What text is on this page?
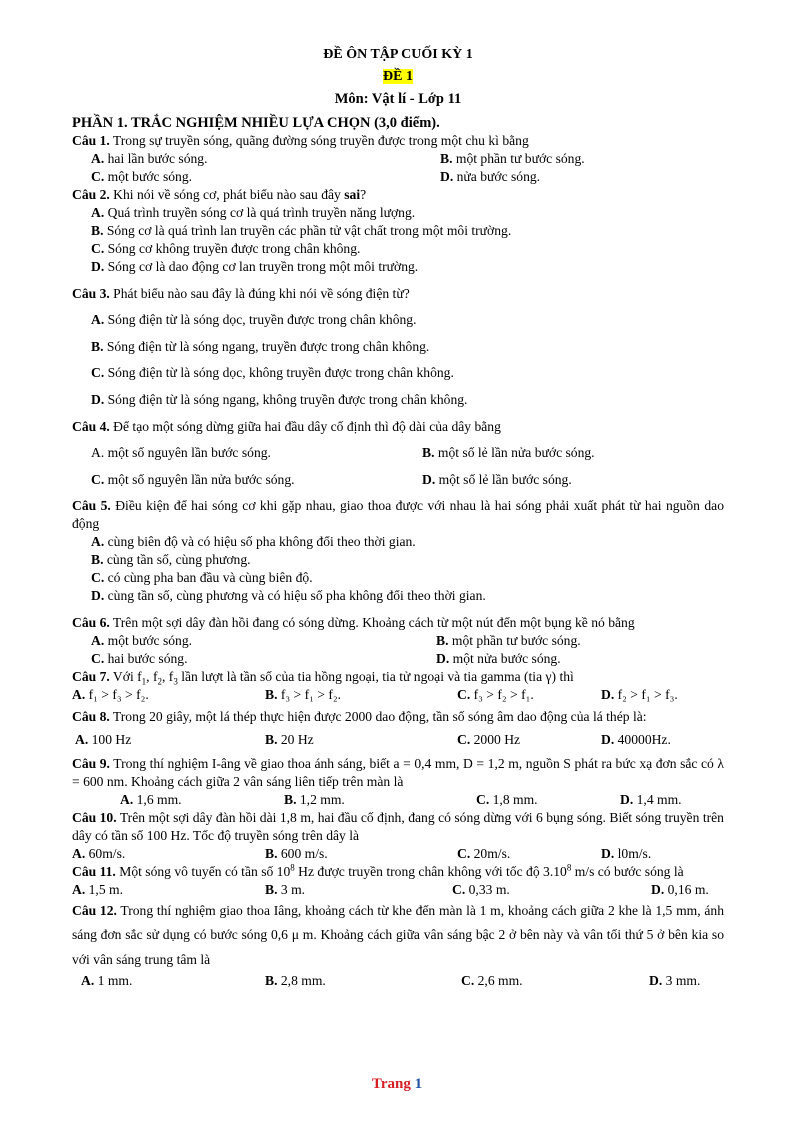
ĐỀ ÔN TẬP CUỐI KỲ 1
ĐỀ 1
Môn: Vật lí - Lớp 11
PHẦN 1. TRẮC NGHIỆM NHIỀU LỰA CHỌN (3,0 điểm).
Câu 1. Trong sự truyền sóng, quãng đường sóng truyền được trong một chu kì bằng
A. hai lần bước sóng.	B. một phần tư bước sóng.
C. một bước sóng.	D. nửa bước sóng.
Câu 2. Khi nói về sóng cơ, phát biểu nào sau đây sai?
A. Quá trình truyền sóng cơ là quá trình truyền năng lượng.
B. Sóng cơ là quá trình lan truyền các phần tử vật chất trong một môi trường.
C. Sóng cơ không truyền được trong chân không.
D. Sóng cơ là dao động cơ lan truyền trong một môi trường.
Câu 3. Phát biểu nào sau đây là đúng khi nói về sóng điện từ?
A. Sóng điện từ là sóng dọc, truyền được trong chân không.
B. Sóng điện từ là sóng ngang, truyền được trong chân không.
C. Sóng điện từ là sóng dọc, không truyền được trong chân không.
D. Sóng điện từ là sóng ngang, không truyền được trong chân không.
Câu 4. Để tạo một sóng dừng giữa hai đầu dây cố định thì độ dài của dây bằng
A. một số nguyên lần bước sóng.	B. một số lẻ lần nửa bước sóng.
C. một số nguyên lần nửa bước sóng.	D. một số lẻ lần bước sóng.
Câu 5. Điều kiện để hai sóng cơ khi gặp nhau, giao thoa được với nhau là hai sóng phải xuất phát từ hai nguồn dao động
A. cùng biên độ và có hiệu số pha không đổi theo thời gian.
B. cùng tần số, cùng phương.
C. có cùng pha ban đầu và cùng biên độ.
D. cùng tần số, cùng phương và có hiệu số pha không đổi theo thời gian.
Câu 6. Trên một sợi dây đàn hồi đang có sóng dừng. Khoảng cách từ một nút đến một bụng kề nó bằng
A. một bước sóng.	B. một phần tư bước sóng.
C. hai bước sóng.	D. một nửa bước sóng.
Câu 7. Với $f_1$, $f_2$, $f_3$ lần lượt là tần số của tia hồng ngoại, tia tử ngoại và tia gamma (tia γ) thì
A. f₁ > f₃ > f₂.	B. f₃ > f₁ > f₂.	C. f₃ > f₂ > f₁.	D. f₂ > f₁ > f₃.
Câu 8. Trong 20 giây, một lá thép thực hiện được 2000 dao động, tần số sóng âm dao động của lá thép là:
A. 100 Hz	B. 20 Hz	C. 2000 Hz	D. 40000Hz.
Câu 9. Trong thí nghiệm I-âng về giao thoa ánh sáng, biết a = 0,4 mm, D = 1,2 m, nguồn S phát ra bức xạ đơn sắc có λ = 600 nm. Khoảng cách giữa 2 vân sáng liên tiếp trên màn là
A. 1,6 mm.	B. 1,2 mm.	C. 1,8 mm.	D. 1,4 mm.
Câu 10. Trên một sợi dây đàn hồi dài 1,8 m, hai đầu cố định, đang có sóng dừng với 6 bụng sóng. Biết sóng truyền trên dây có tần số 100 Hz. Tốc độ truyền sóng trên dây là
A. 60m/s.	B. 600 m/s.	C. 20m/s.	D. l0m/s.
Câu 11. Một sóng vô tuyến có tần số $10^8$ Hz được truyền trong chân không với tốc độ 3.10$^8$ m/s có bước sóng là
A. 1,5 m.	B. 3 m.	C. 0,33 m.	D. 0,16 m.
Câu 12. Trong thí nghiệm giao thoa Iâng, khoảng cách từ khe đến màn là 1 m, khoảng cách giữa 2 khe là 1,5 mm, ánh sáng đơn sắc sử dụng có bước sóng 0,6 μ m. Khoảng cách giữa vân sáng bậc 2 ở bên này và vân tối thứ 5 ở bên kia so với vân sáng trung tâm là
A. 1 mm.	B. 2,8 mm.	C. 2,6 mm.	D. 3 mm.
Trang 1
